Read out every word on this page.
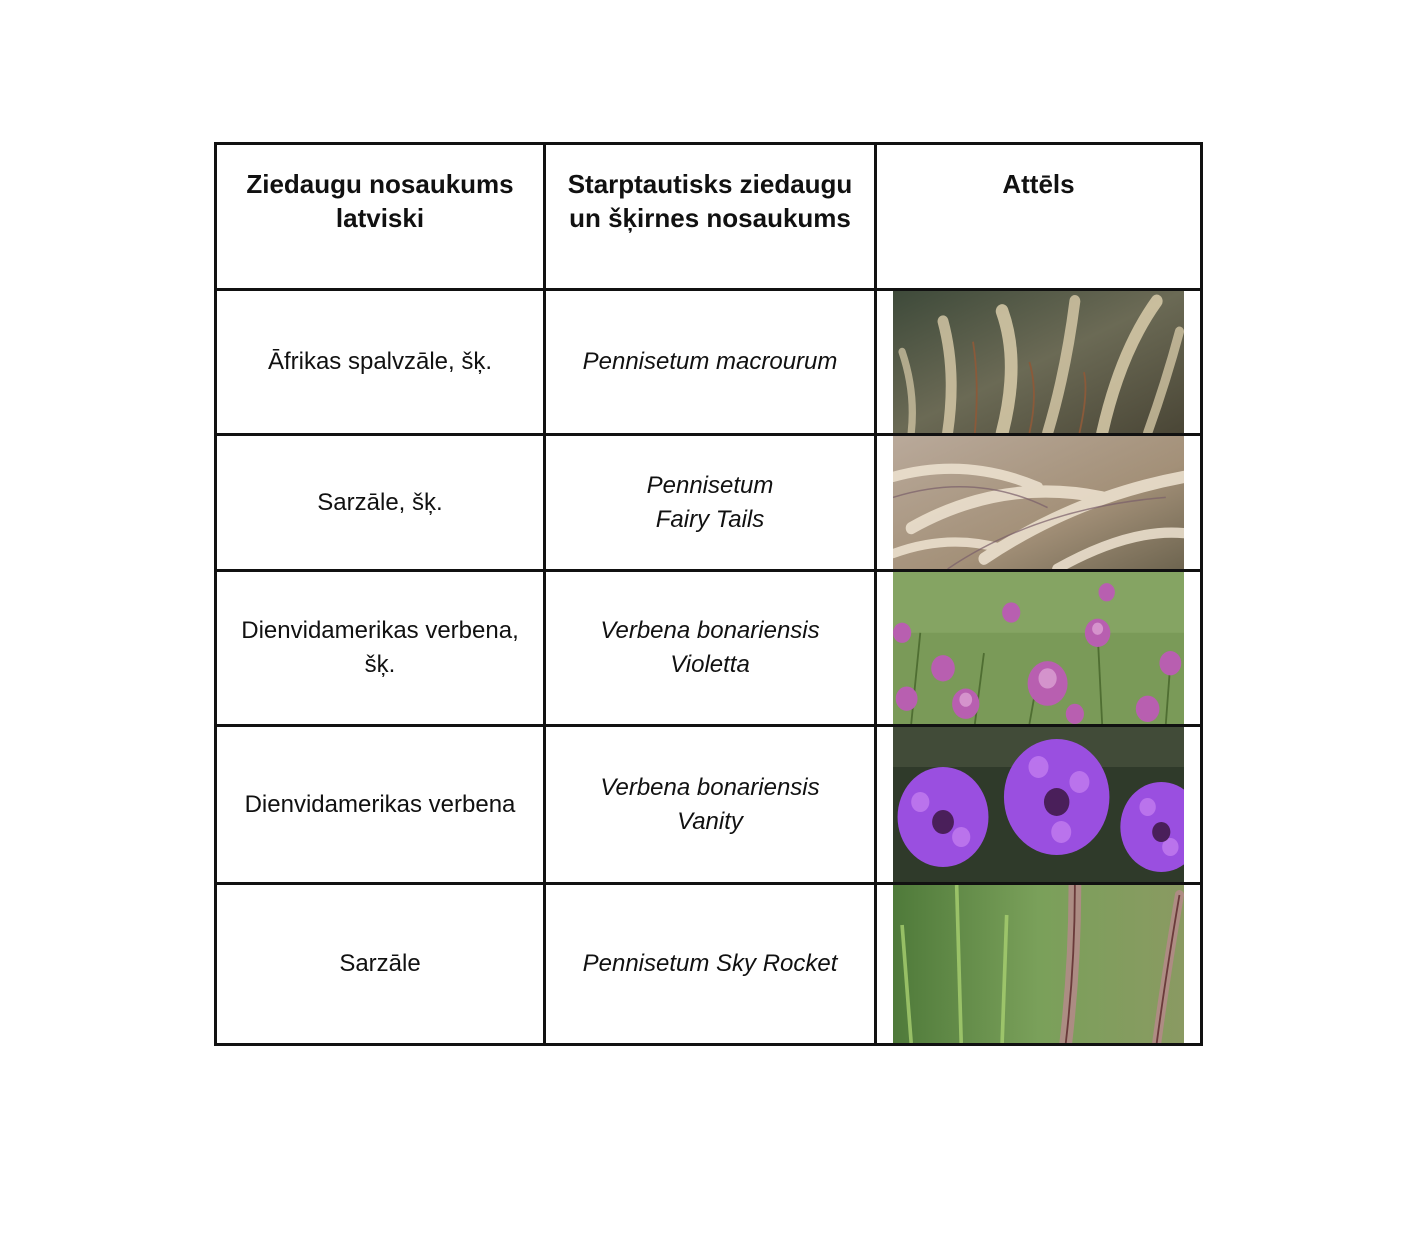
Ziedaugu nosaukums latviski	Starptautisks ziedaugu un šķirnes nosaukums	Attēls
Āfrikas spalvzāle, šķ.	Pennisetum macrourum

Sarzāle, šķ.	Pennisetum
Fairy Tails

Dienvidamerikas verbena, šķ.	Verbena bonariensis
Violetta

Dienvidamerikas verbena	Verbena bonariensis
Vanity

Sarzāle	Pennisetum Sky Rocket
